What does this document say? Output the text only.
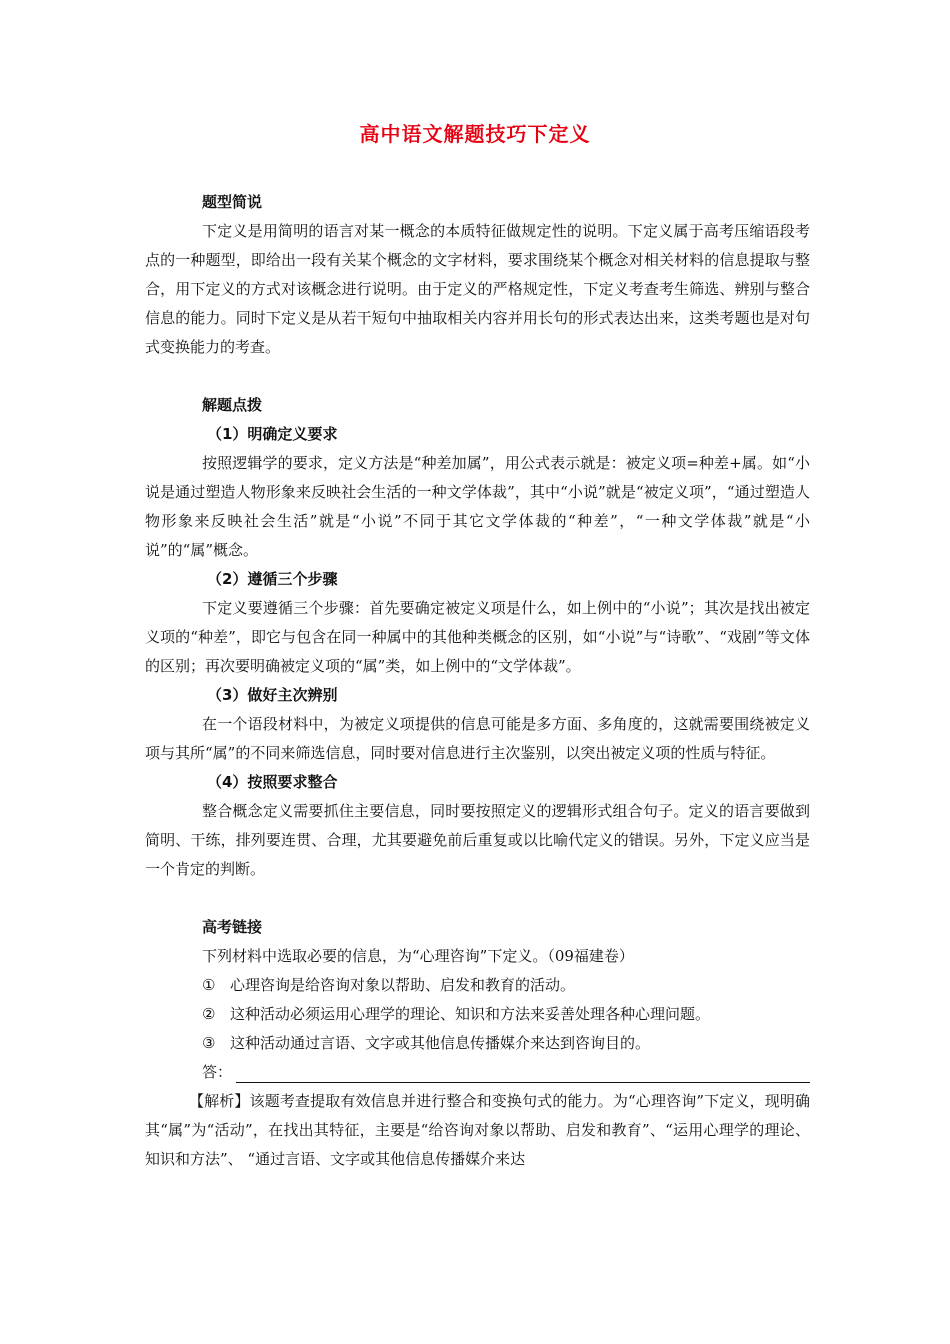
高中语文解题技巧下定义
题型简说

下定义是用简明的语言对某一概念的本质特征做规定性的说明。下定义属于高考压缩语段考点的一种题型，即给出一段有关某个概念的文字材料，要求围绕某个概念对相关材料的信息提取与整合，用下定义的方式对该概念进行说明。由于定义的严格规定性，下定义考查考生筛选、辨别与整合信息的能力。同时下定义是从若干短句中抽取相关内容并用长句的形式表达出来，这类考题也是对句式变换能力的考查。

解题点拨
（1）明确定义要求

按照逻辑学的要求，定义方法是“种差加属”，用公式表示就是：被定义项=种差+属。如“小说是通过塑造人物形象来反映社会生活的一种文学体裁”，其中“小说”就是“被定义项”，“通过塑造人物形象来反映社会生活”就是“小说”不同于其它文学体裁的“种差”，“一种文学体裁”就是“小说”的“属”概念。

（2）遵循三个步骤

下定义要遵循三个步骤：首先要确定被定义项是什么，如上例中的“小说”；其次是找出被定义项的“种差”，即它与包含在同一种属中的其他种类概念的区别，如“小说”与“诗歌”、“戏剧”等文体的区别；再次要明确被定义项的“属”类，如上例中的“文学体裁”。

（3）做好主次辨别

在一个语段材料中，为被定义项提供的信息可能是多方面、多角度的，这就需要围绕被定义项与其所“属”的不同来筛选信息，同时要对信息进行主次鉴别，以突出被定义项的性质与特征。

（4）按照要求整合

整合概念定义需要抓住主要信息，同时要按照定义的逻辑形式组合句子。定义的语言要做到简明、干练，排列要连贯、合理，尤其要避免前后重复或以比喻代定义的错误。另外，下定义应当是一个肯定的判断。

高考链接

下列材料中选取必要的信息，为“心理咨询”下定义。（09福建卷）

① 心理咨询是给咨询对象以帮助、启发和教育的活动。
② 这种活动必须运用心理学的理论、知识和方法来妥善处理各种心理问题。
③ 这种活动通过言语、文字或其他信息传播媒介来达到咨询目的。
答：

【解析】该题考查提取有效信息并进行整合和变换句式的能力。为“心理咨询”下定义，现明确其“属”为“活动”，在找出其特征，主要是“给咨询对象以帮助、启发和教育”、“运用心理学的理论、知识和方法”、 “通过言语、文字或其他信息传播媒介来达
